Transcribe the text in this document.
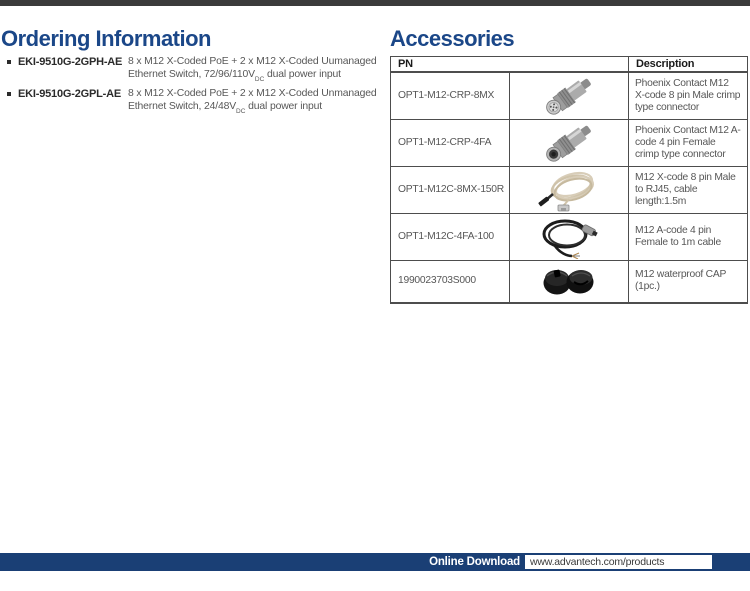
Ordering Information
EKI-9510G-2GPH-AE 8 x M12 X-Coded PoE + 2 x M12 X-Coded Uumanaged
Ethernet Switch, $72/96/110V_{DC}$ dual power input
EKI-9510G-2GPL-AE 8 x M12 X-Coded PoE + 2 x M12 X-Coded Unmanaged
Ethernet Switch, $24/48V_{DC}$ dual power input
Accessories
PN		Description
OPT1-M12-CRP-8MX		Phoenix Contact M12 X-code 8 pin Male crimp type connector
OPT1-M12-CRP-4FA		Phoenix Contact M12 A-code 4 pin Female crimp type connector
OPT1-M12C-8MX-150R		M12 X-code 8 pin Male to RJ45, cable length:1.5m
OPT1-M12C-4FA-100		M12 A-code 4 pin Female to 1m cable
1990023703S000		M12 waterproof CAP (1pc.)
Online Download www.advantech.com/products
